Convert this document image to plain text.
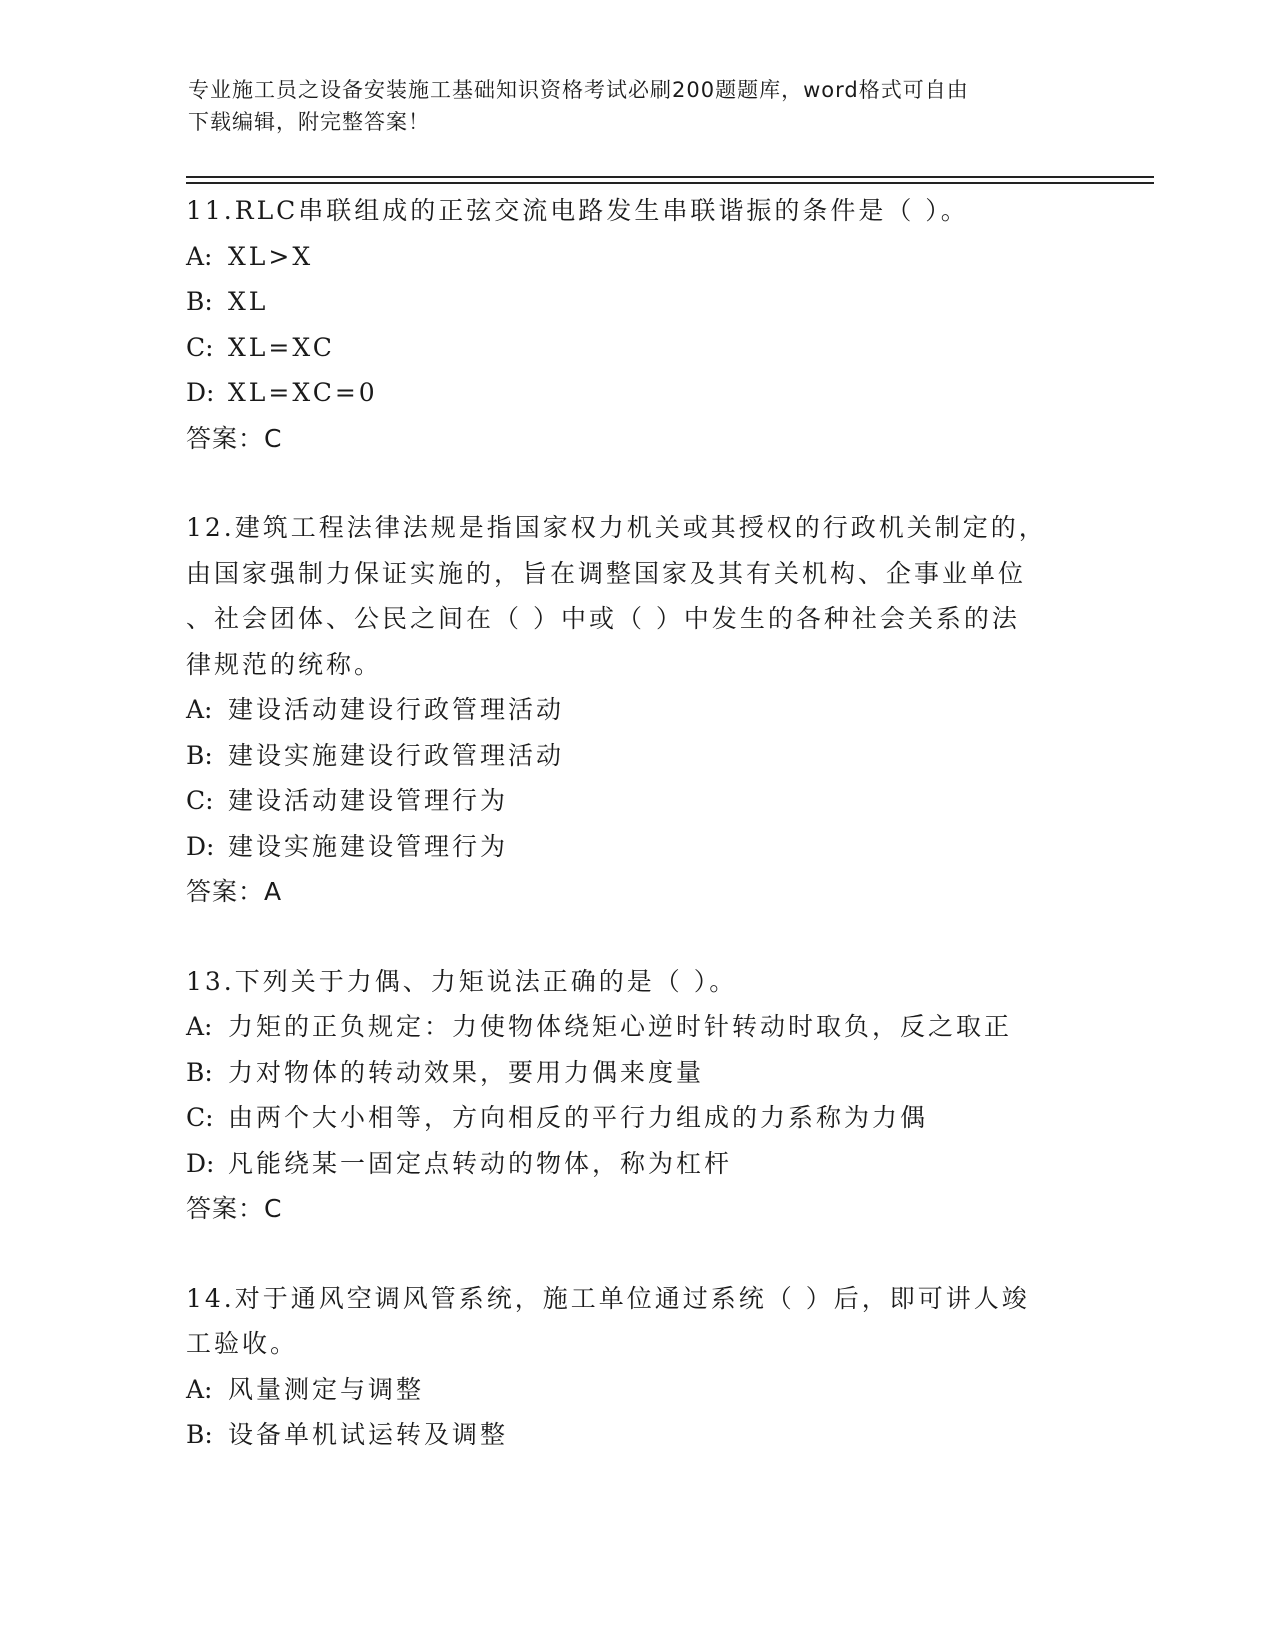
专业施工员之设备安装施工基础知识资格考试必刷200题题库，word格式可自由
下载编辑，附完整答案！
11.RLC串联组成的正弦交流电路发生串联谐振的条件是（ ）。
A: XL>X
B: XL
C: XL=XC
D: XL=XC=0
答案：C
12.建筑工程法律法规是指国家权力机关或其授权的行政机关制定的，
由国家强制力保证实施的，旨在调整国家及其有关机构、企事业单位
、社会团体、公民之间在（ ）中或（ ）中发生的各种社会关系的法
律规范的统称。
A: 建设活动建设行政管理活动
B: 建设实施建设行政管理活动
C: 建设活动建设管理行为
D: 建设实施建设管理行为
答案：A
13.下列关于力偶、力矩说法正确的是（ ）。
A: 力矩的正负规定：力使物体绕矩心逆时针转动时取负，反之取正
B: 力对物体的转动效果，要用力偶来度量
C: 由两个大小相等，方向相反的平行力组成的力系称为力偶
D: 凡能绕某一固定点转动的物体，称为杠杆
答案：C
14.对于通风空调风管系统，施工单位通过系统（ ）后，即可讲人竣
工验收。
A: 风量测定与调整
B: 设备单机试运转及调整
